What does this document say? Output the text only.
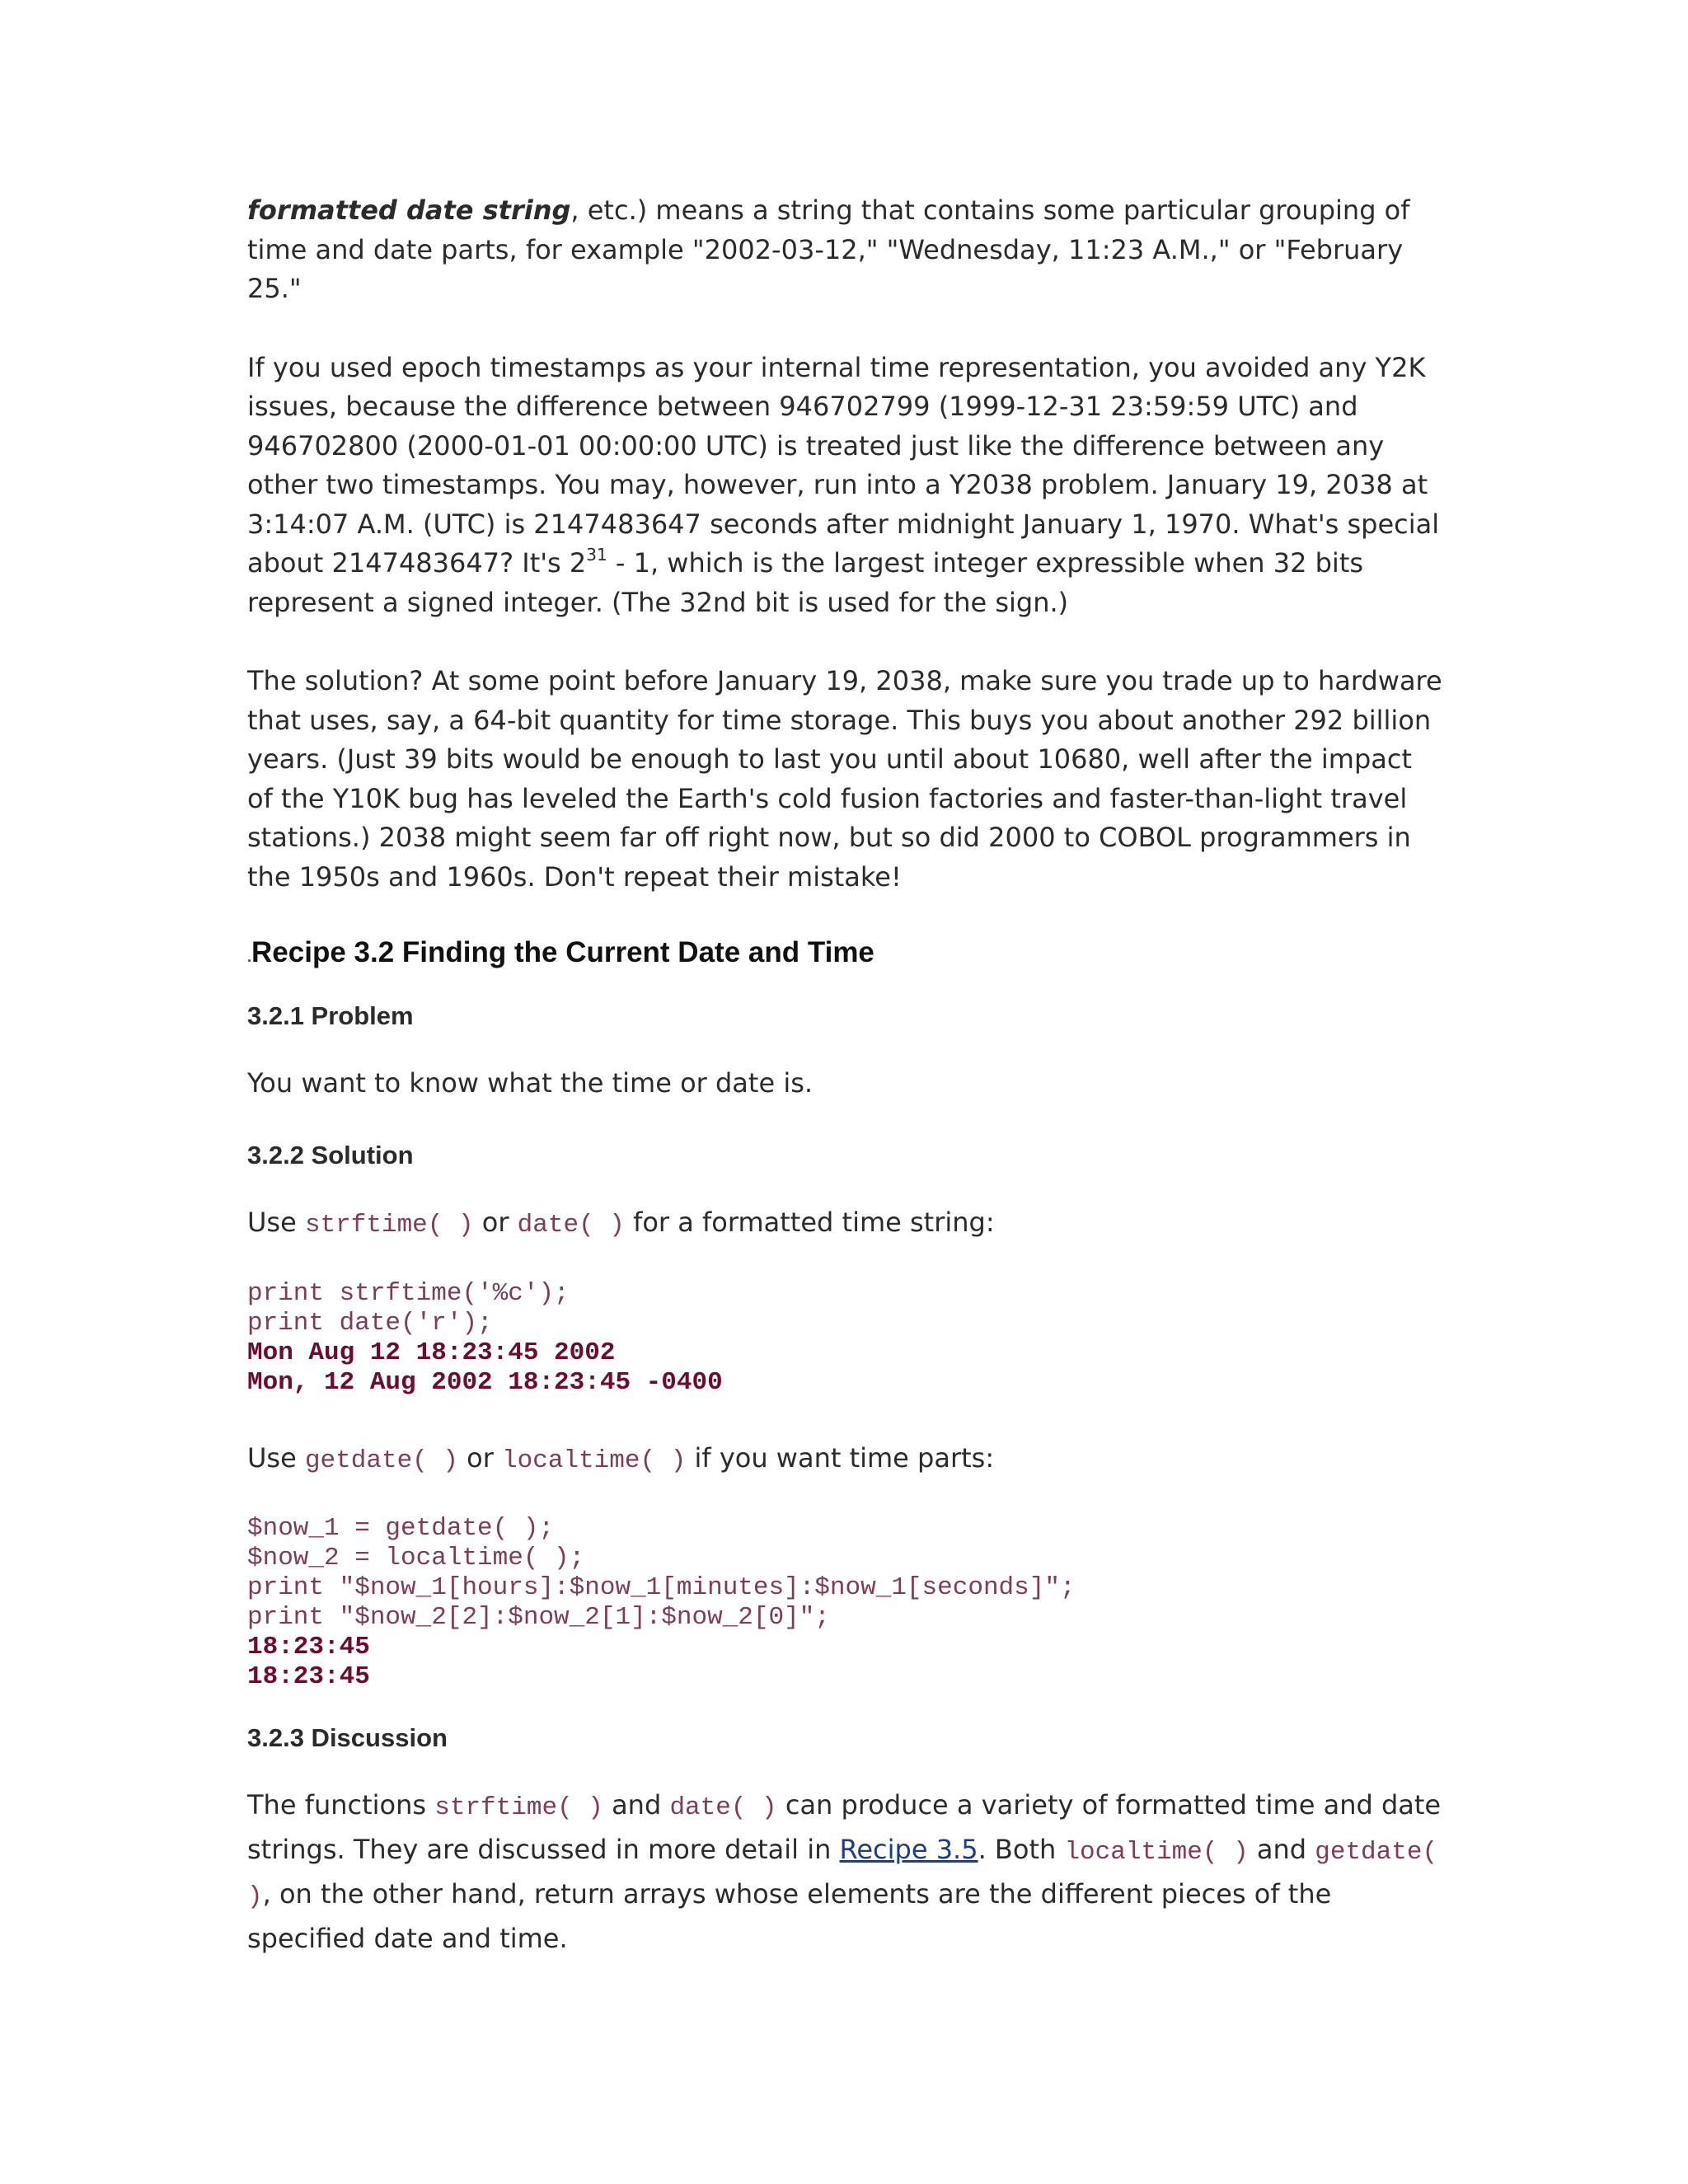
formatted date string, etc.) means a string that contains some particular grouping of time and date parts, for example "2002-03-12," "Wednesday, 11:23 A.M.," or "February 25."

If you used epoch timestamps as your internal time representation, you avoided any Y2K issues, because the difference between 946702799 (1999-12-31 23:59:59 UTC) and 946702800 (2000-01-01 00:00:00 UTC) is treated just like the difference between any other two timestamps. You may, however, run into a Y2038 problem. January 19, 2038 at 3:14:07 A.M. (UTC) is 2147483647 seconds after midnight January 1, 1970. What's special about 2147483647? It's $2^{31} - 1$, which is the largest integer expressible when 32 bits represent a signed integer. (The 32nd bit is used for the sign.)

The solution? At some point before January 19, 2038, make sure you trade up to hardware that uses, say, a 64-bit quantity for time storage. This buys you about another 292 billion years. (Just 39 bits would be enough to last you until about 10680, well after the impact of the Y10K bug has leveled the Earth's cold fusion factories and faster-than-light travel stations.) 2038 might seem far off right now, but so did 2000 to COBOL programmers in the 1950s and 1960s. Don't repeat their mistake!

.Recipe 3.2 Finding the Current Date and Time
3.2.1 Problem

You want to know what the time or date is.

3.2.2 Solution

Use strftime( ) or date( ) for a formatted time string:

print strftime('%c');
print date('r');
Mon Aug 12 18:23:45 2002
Mon, 12 Aug 2002 18:23:45 -0400

Use getdate( ) or localtime( ) if you want time parts:

$now_1 = getdate( );
$now_2 = localtime( );
print "$now_1[hours]:$now_1[minutes]:$now_1[seconds]";
print "$now_2[2]:$now_2[1]:$now_2[0]";
18:23:45
18:23:45
3.2.3 Discussion

The functions strftime( ) and date( ) can produce a variety of formatted time and date strings. They are discussed in more detail in Recipe 3.5. Both localtime( ) and getdate( ), on the other hand, return arrays whose elements are the different pieces of the specified date and time.
